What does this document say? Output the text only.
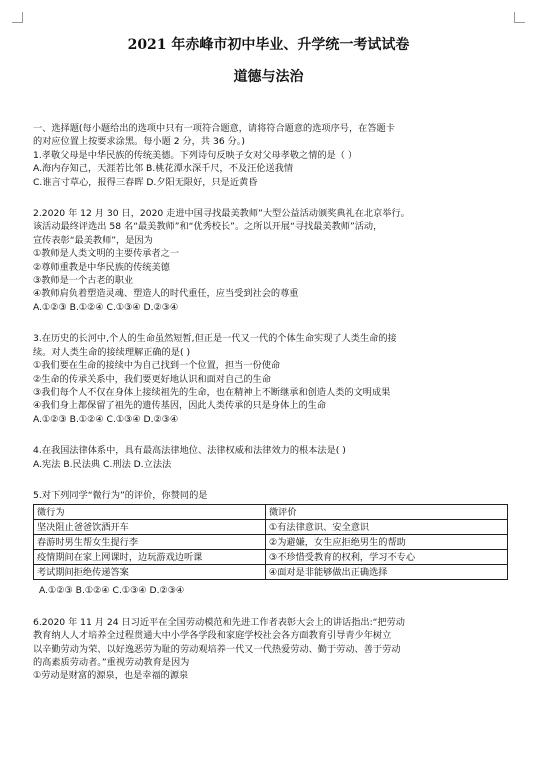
2021 年赤峰市初中毕业、升学统一考试试卷
道德与法治
一、选择题(每小题给出的选项中只有一项符合题意，请将符合题意的选项序号，在答题卡
的对应位置上按要求涂黑。每小题 2 分，共 36 分。)
1.孝敬父母是中华民族的传统美德。下列诗句反映子女对父母孝敬之情的是（ ）
A.海内存知己，天涯若比邻 B.桃花潭水深千尺，不及汪伦送我情
C.谁言寸草心，报得三春晖 D.夕阳无限好，只是近黄昏
2.2020 年 12 月 30 日，2020 走进中国寻找最美教师”大型公益活动颁奖典礼在北京举行。
该活动最终评选出 58 名“最美教师”和“优秀校长”。之所以开展“寻找最美教师”活动，
宣传表彰“最美教师”，是因为
①教师是人类文明的主要传承者之一
②尊师重教是中华民族的传统美德
③教师是一个古老的职业
④教师肩负着塑造灵魂、塑造人的时代重任，应当受到社会的尊重
A.①②③ B.①②④ C.①③④ D.②③④
3.在历史的长河中,个人的生命虽然短暂,但正是一代又一代的个体生命实现了人类生命的接
续。对人类生命的接续理解正确的是( )
①我们要在生命的接续中为自己找到一个位置，担当一份使命
②生命的传承关系中，我们要更好地认识和面对自己的生命
③我们每个人不仅在身体上接续祖先的生命，也在精神上不断继承和创造人类的文明成果
④我们身上都保留了祖先的遗传基因，因此人类传承的只是身体上的生命
A.①②③ B.①②④ C.①③④ D.②③④
4.在我国法律体系中，具有最高法律地位、法律权威和法律效力的根本法是( )
A.宪法 B.民法典 C.刑法 D.立法法
5.对下列同学“微行为”的评价，你赞同的是
微行为	微评价
坚决阻止爸爸饮酒开车	①有法律意识、安全意识
春游时男生帮女生提行李	②为避嫌，女生应拒绝男生的帮助
疫情期间在家上网课时，边玩游戏边听课	③不珍惜受教育的权利，学习不专心
考试期间拒绝传递答案	④面对是非能够做出正确选择
A.①②③ B.①②④ C.①③④ D.②③④
6.2020 年 11 月 24 日习近平在全国劳动模范和先进工作者表彰大会上的讲话指出:“把劳动
教育纳人人才培养全过程贯通大中小学各学段和家庭学校社会各方面教育引导青少年树立
以辛勤劳动为荣、以好逸恶劳为耻的劳动观培养一代又一代热爱劳动、勤于劳动、善于劳动
的高素质劳动者。”重视劳动教育是因为
①劳动是财富的源泉，也是幸福的源泉
